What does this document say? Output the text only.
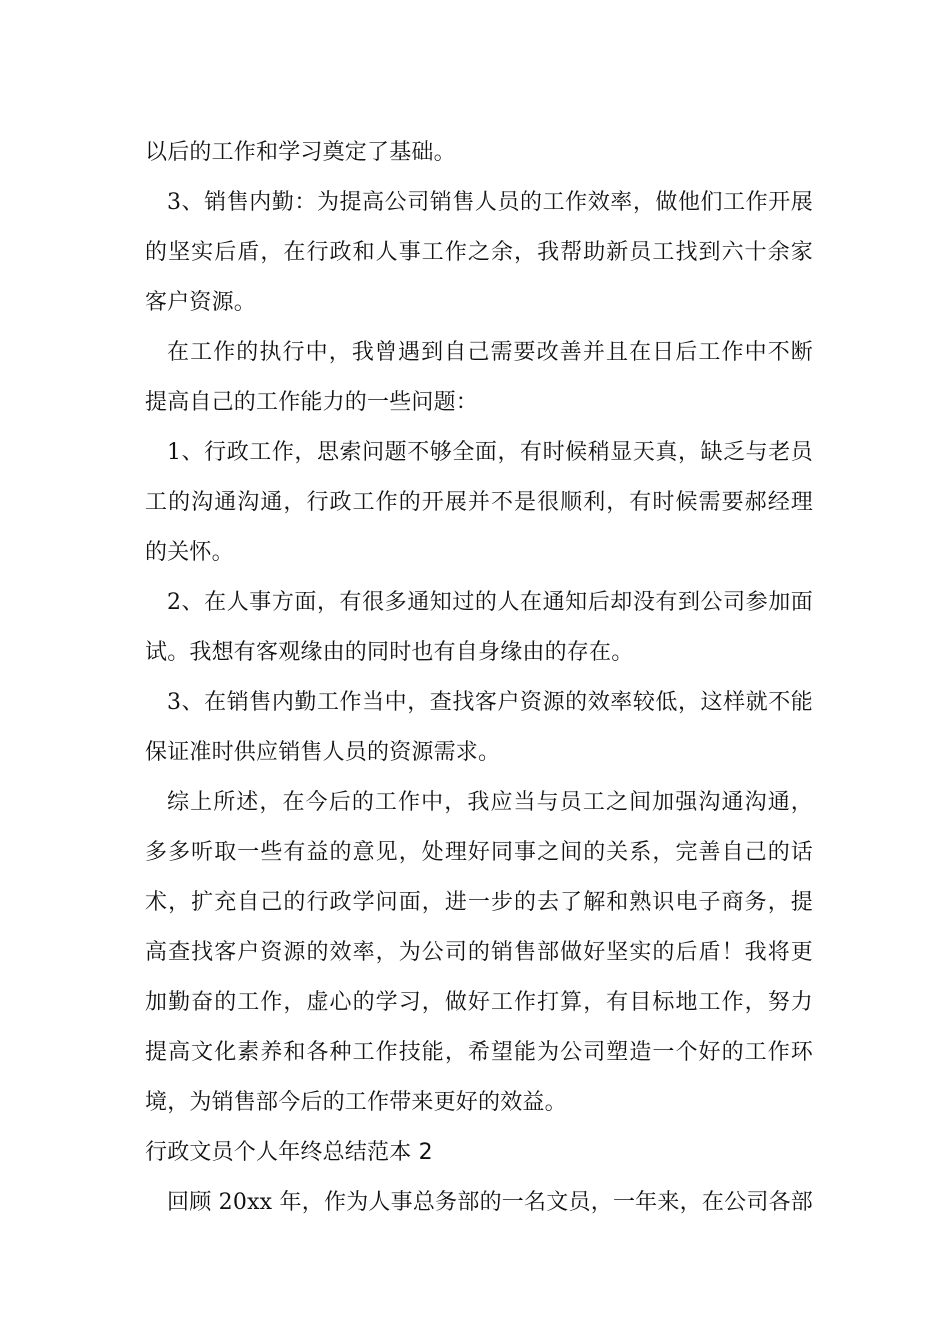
以后的工作和学习奠定了基础。
3、销售内勤：为提高公司销售人员的工作效率，做他们工作开展
的坚实后盾，在行政和人事工作之余，我帮助新员工找到六十余家
客户资源。
在工作的执行中，我曾遇到自己需要改善并且在日后工作中不断
提高自己的工作能力的一些问题：
1、行政工作，思索问题不够全面，有时候稍显天真，缺乏与老员
工的沟通沟通，行政工作的开展并不是很顺利，有时候需要郝经理
的关怀。
2、在人事方面，有很多通知过的人在通知后却没有到公司参加面
试。我想有客观缘由的同时也有自身缘由的存在。
3、在销售内勤工作当中，查找客户资源的效率较低，这样就不能
保证准时供应销售人员的资源需求。
综上所述，在今后的工作中，我应当与员工之间加强沟通沟通，
多多听取一些有益的意见，处理好同事之间的关系，完善自己的话
术，扩充自己的行政学问面，进一步的去了解和熟识电子商务，提
高查找客户资源的效率，为公司的销售部做好坚实的后盾！我将更
加勤奋的工作，虚心的学习，做好工作打算，有目标地工作，努力
提高文化素养和各种工作技能，希望能为公司塑造一个好的工作环
境，为销售部今后的工作带来更好的效益。
行政文员个人年终总结范本 2
回顾 20xx 年，作为人事总务部的一名文员，一年来，在公司各部
